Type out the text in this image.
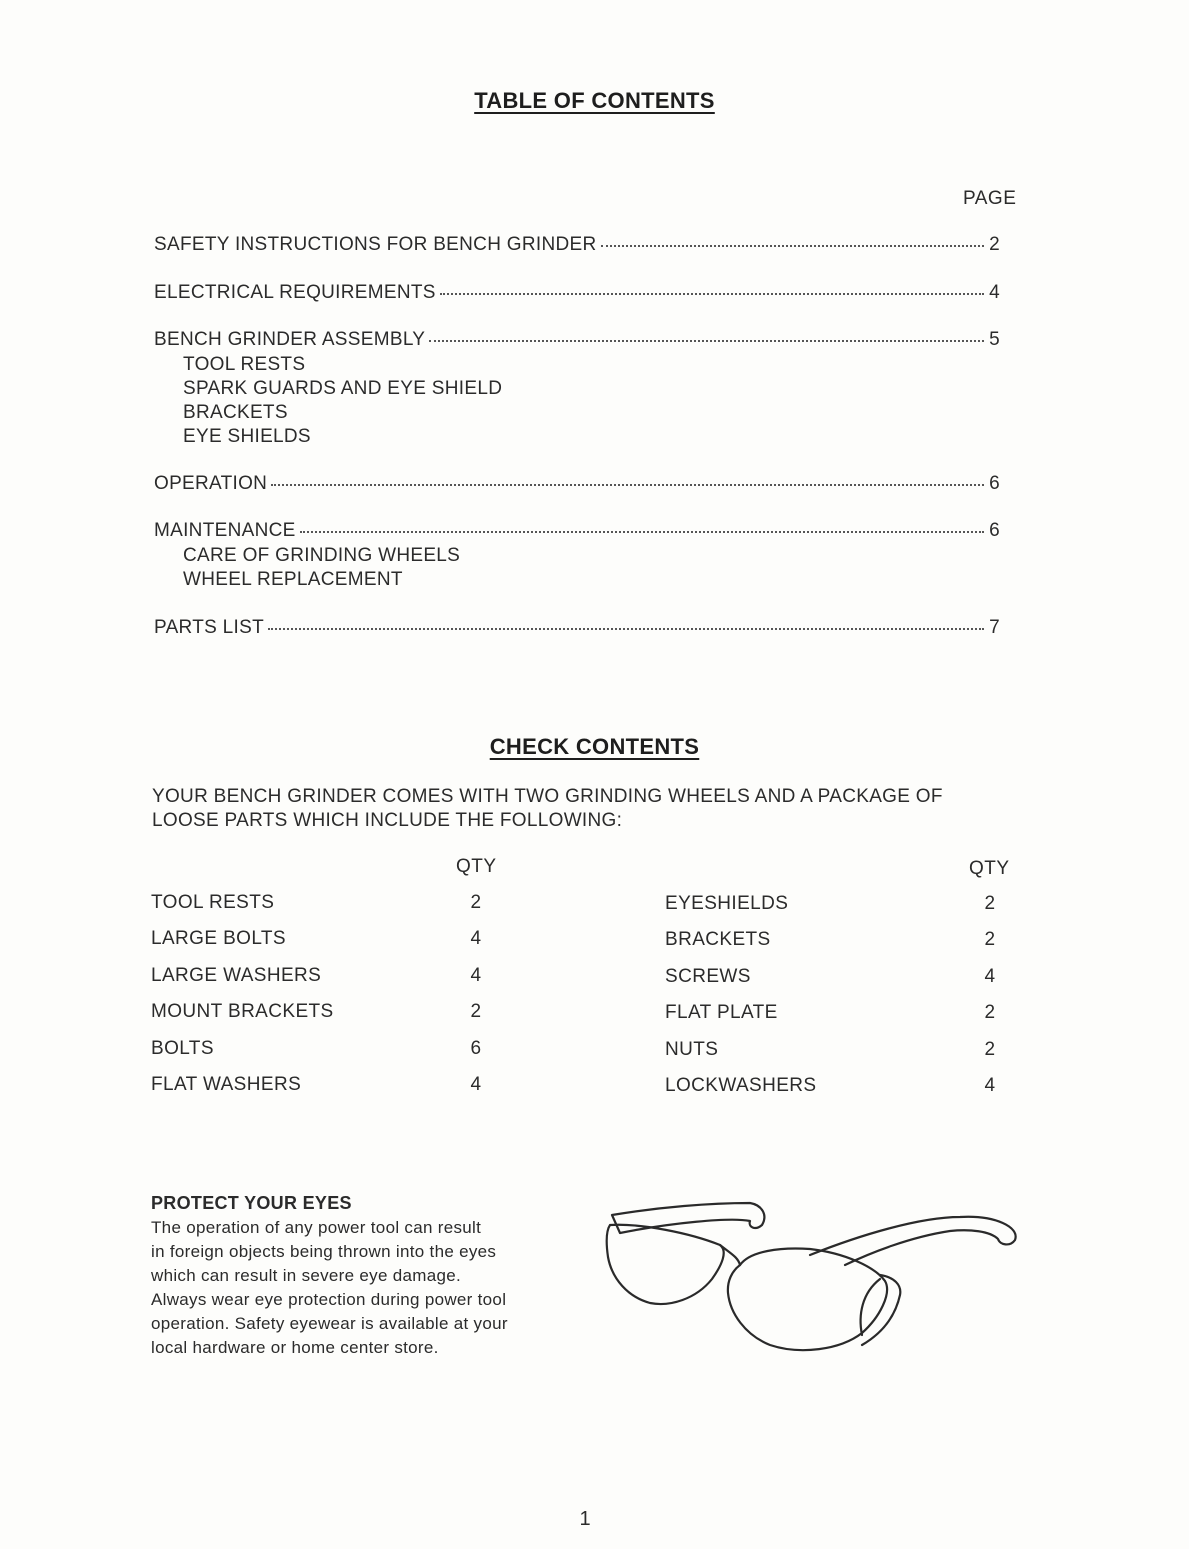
TABLE OF CONTENTS
PAGE
SAFETY INSTRUCTIONS FOR BENCH GRINDER	2
ELECTRICAL REQUIREMENTS	4
BENCH GRINDER ASSEMBLY	5
TOOL RESTS
SPARK GUARDS AND EYE SHIELD
BRACKETS
EYE SHIELDS
OPERATION	6
MAINTENANCE	6
CARE OF GRINDING WHEELS
WHEEL REPLACEMENT
PARTS LIST	7
CHECK CONTENTS
YOUR BENCH GRINDER COMES WITH TWO GRINDING WHEELS AND A PACKAGE OF LOOSE PARTS WHICH INCLUDE THE FOLLOWING:
QTY	QTY
TOOL RESTS	2
LARGE BOLTS	4
LARGE WASHERS	4
MOUNT BRACKETS	2
BOLTS	6
FLAT WASHERS	4
EYESHIELDS	2
BRACKETS	2
SCREWS	4
FLAT PLATE	2
NUTS	2
LOCKWASHERS	4
PROTECT YOUR EYES
The operation of any power tool can result
in foreign objects being thrown into the eyes
which can result in severe eye damage.
Always wear eye protection during power tool
operation. Safety eyewear is available at your
local hardware or home center store.
1
